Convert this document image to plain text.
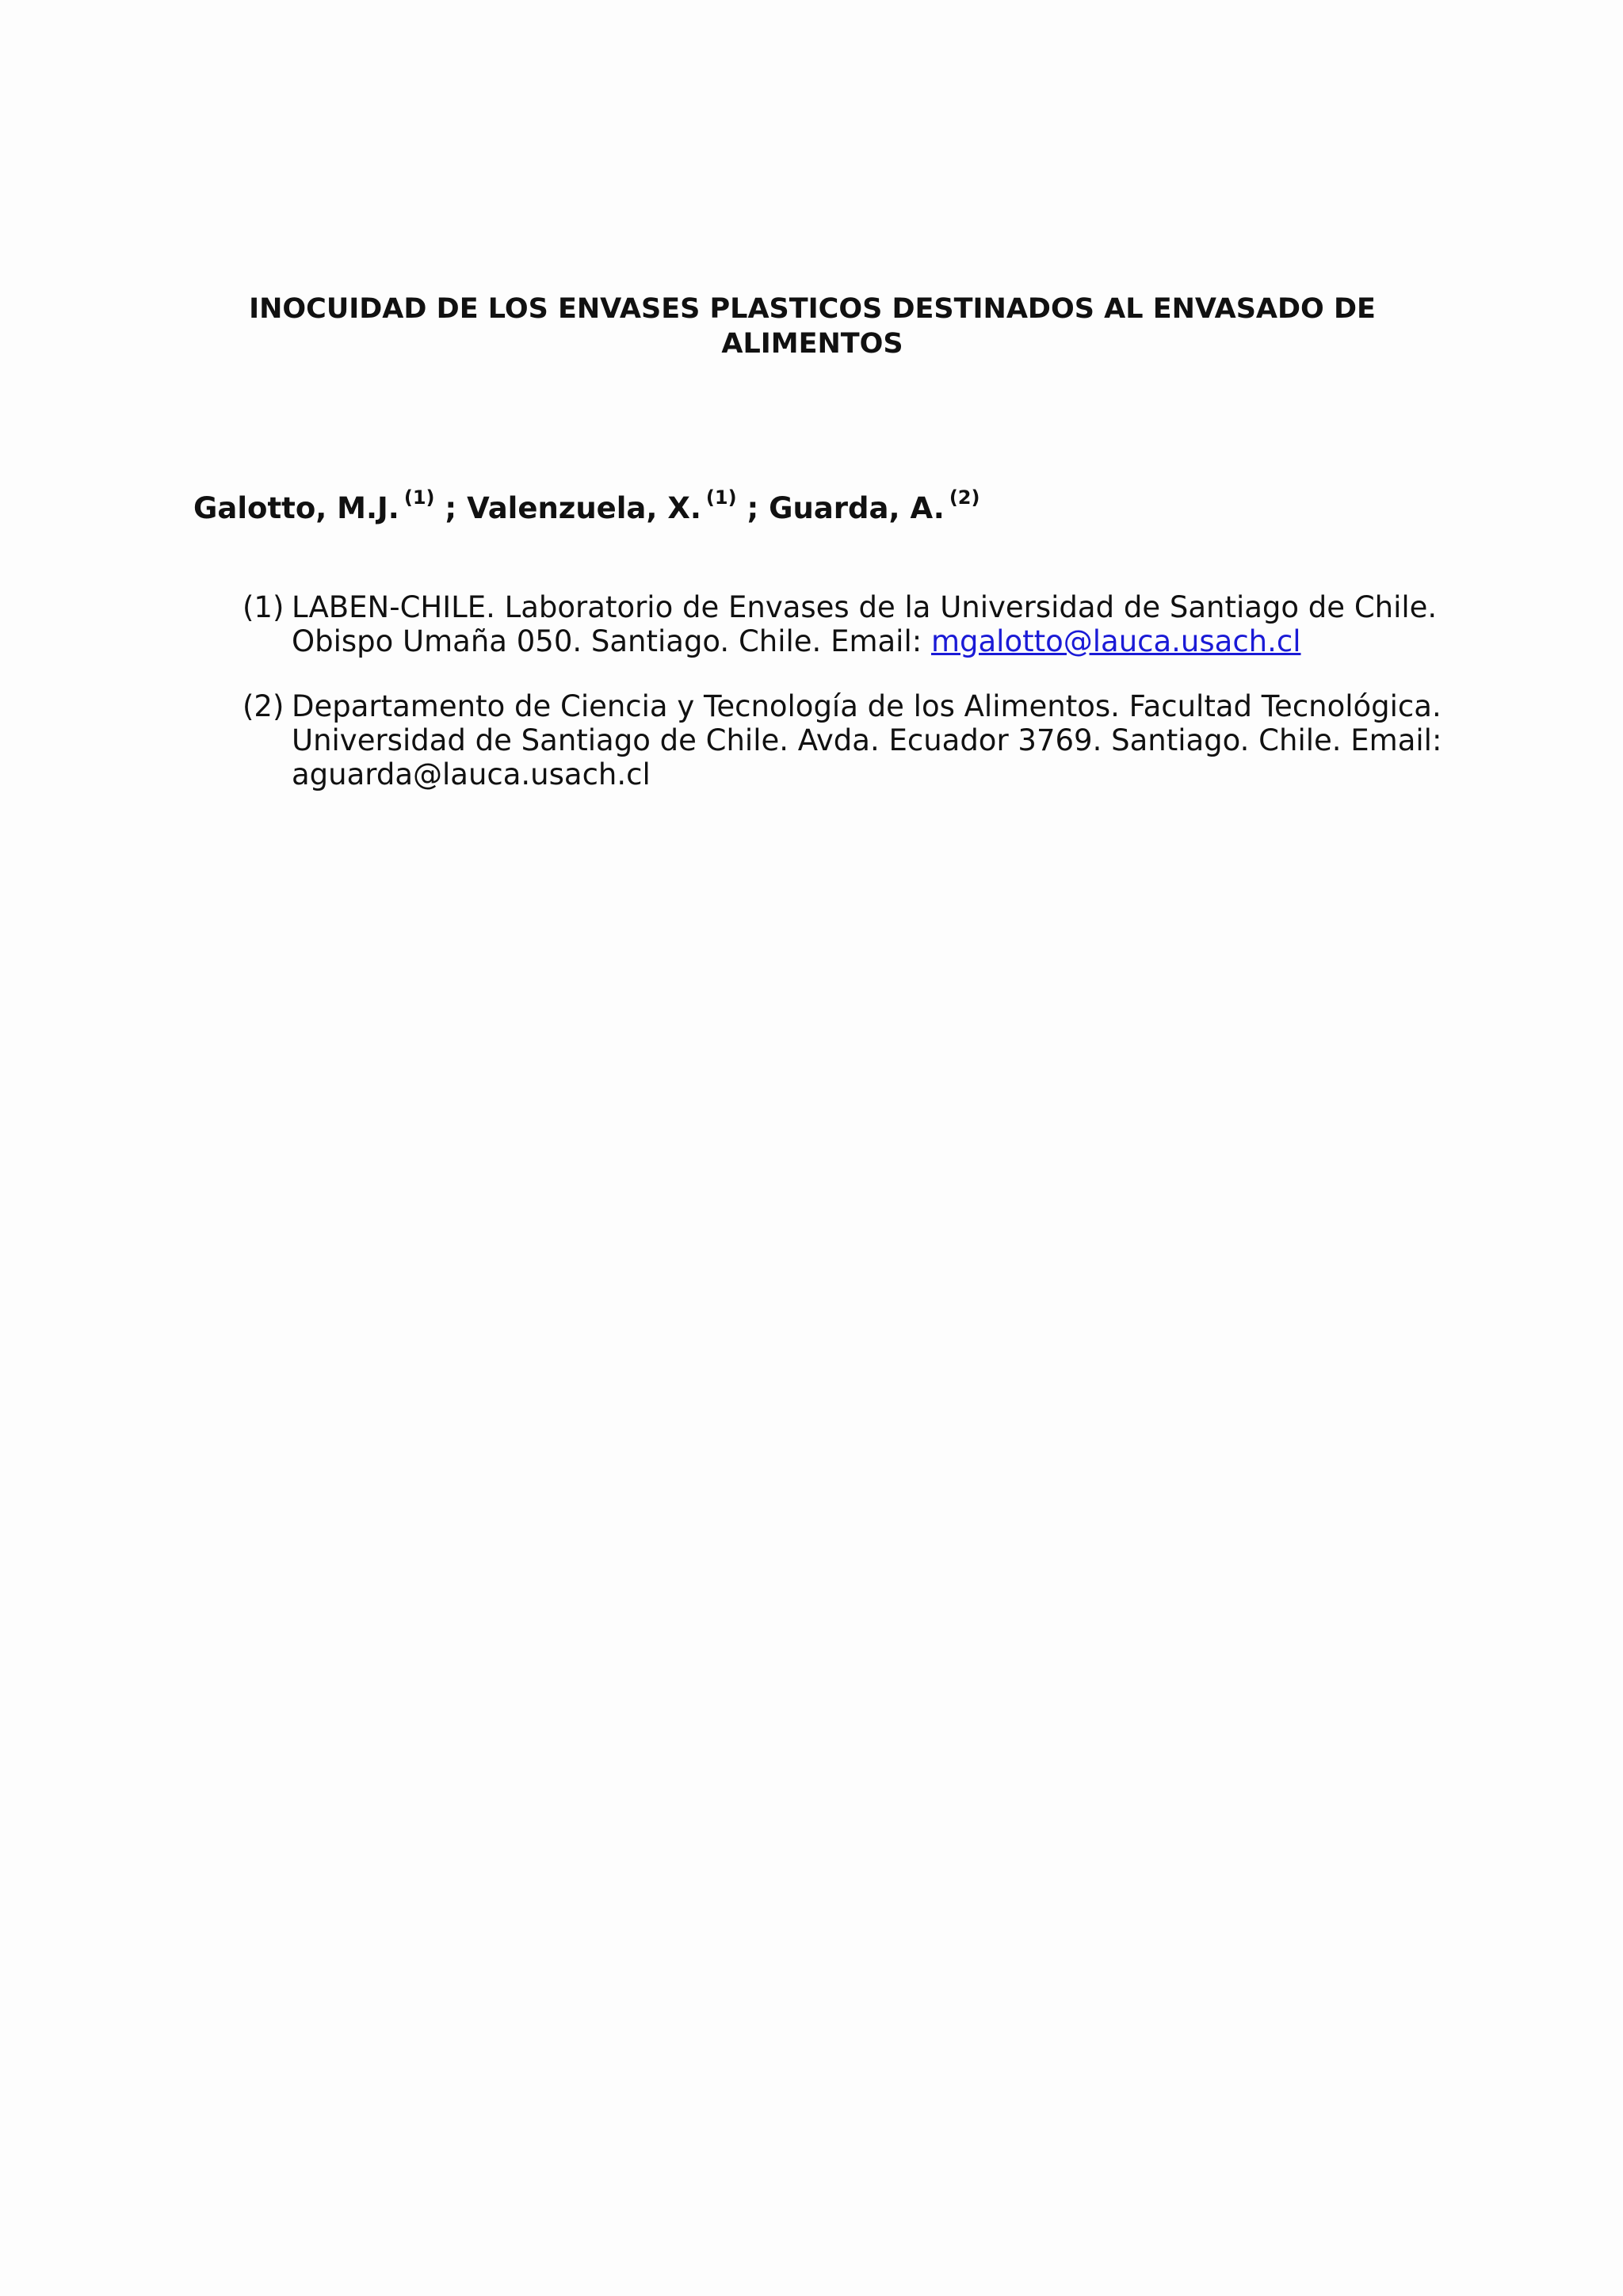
INOCUIDAD DE LOS ENVASES PLASTICOS DESTINADOS AL ENVASADO DE
ALIMENTOS
Galotto, M.J. $^{(1)}$ ; Valenzuela, X. $^{(1)}$ ; Guarda, A. $^{(2)}$
(1) LABEN-CHILE. Laboratorio de Envases de la Universidad de Santiago de Chile.
Obispo Umaña 050. Santiago. Chile. Email: mgalotto@lauca.usach.cl
(2) Departamento de Ciencia y Tecnología de los Alimentos. Facultad Tecnológica.
Universidad de Santiago de Chile. Avda. Ecuador 3769. Santiago. Chile. Email:
aguarda@lauca.usach.cl
